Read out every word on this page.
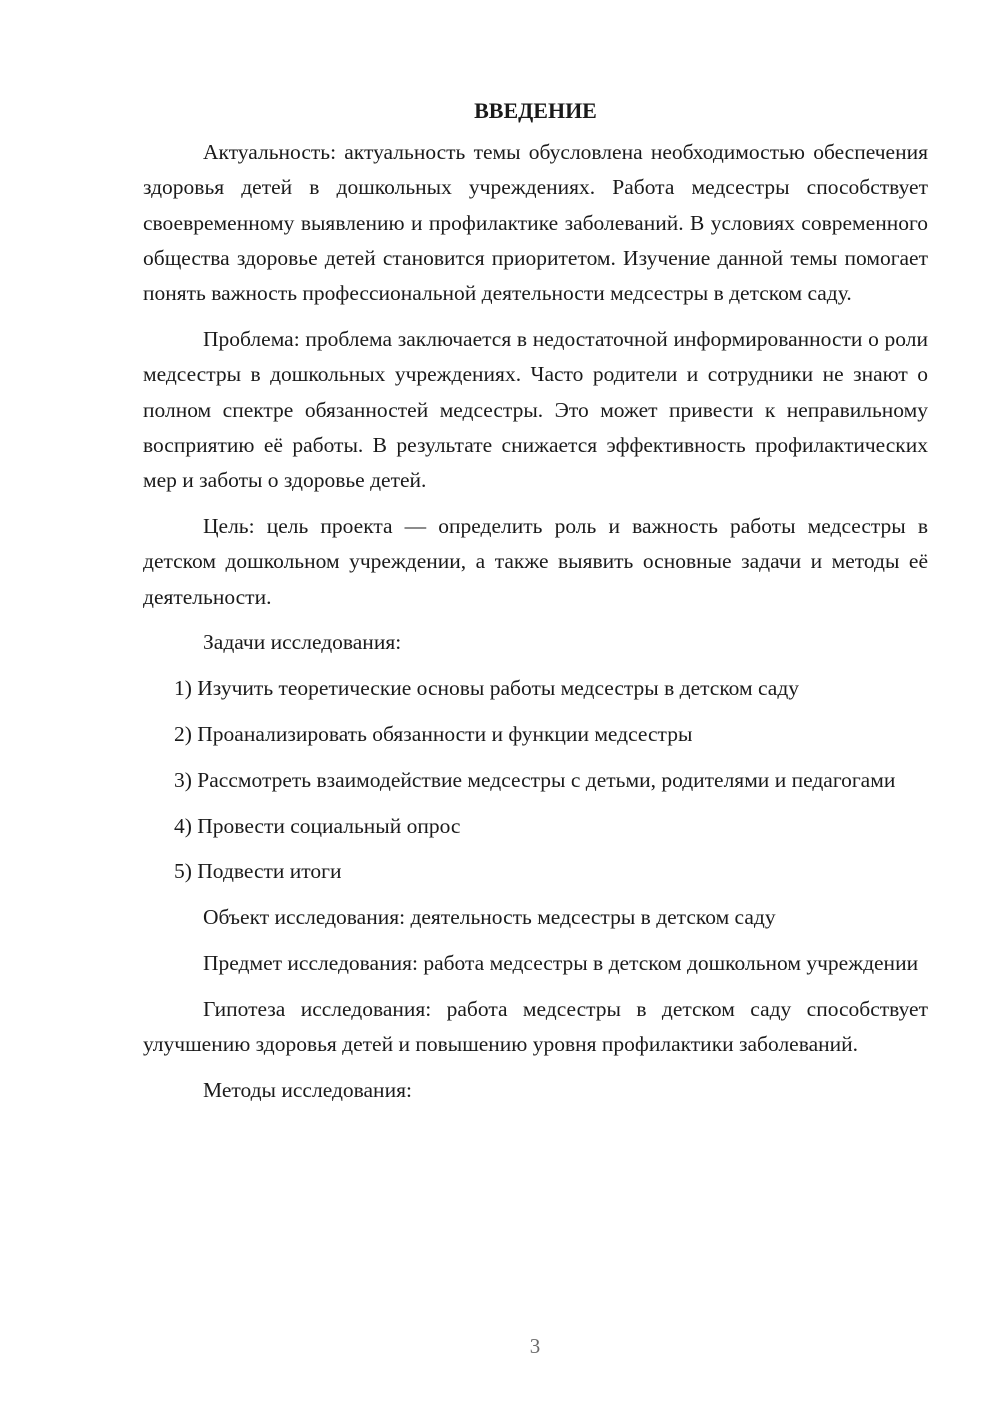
ВВЕДЕНИЕ

Актуальность: актуальность темы обусловлена необходимостью обеспечения здоровья детей в дошкольных учреждениях. Работа медсестры способствует своевременному выявлению и профилактике заболеваний. В условиях современного общества здоровье детей становится приоритетом. Изучение данной темы помогает понять важность профессиональной деятельности медсестры в детском саду.

Проблема: проблема заключается в недостаточной информированности о роли медсестры в дошкольных учреждениях. Часто родители и сотрудники не знают о полном спектре обязанностей медсестры. Это может привести к неправильному восприятию её работы. В результате снижается эффективность профилактических мер и заботы о здоровье детей.

Цель: цель проекта — определить роль и важность работы медсестры в детском дошкольном учреждении, а также выявить основные задачи и методы её деятельности.

Задачи исследования:

1) Изучить теоретические основы работы медсестры в детском саду

2) Проанализировать обязанности и функции медсестры

3) Рассмотреть взаимодействие медсестры с детьми, родителями и педагогами

4) Провести социальный опрос

5) Подвести итоги

Объект исследования: деятельность медсестры в детском саду

Предмет исследования: работа медсестры в детском дошкольном учреждении

Гипотеза исследования: работа медсестры в детском саду способствует улучшению здоровья детей и повышению уровня профилактики заболеваний.

Методы исследования:

3
